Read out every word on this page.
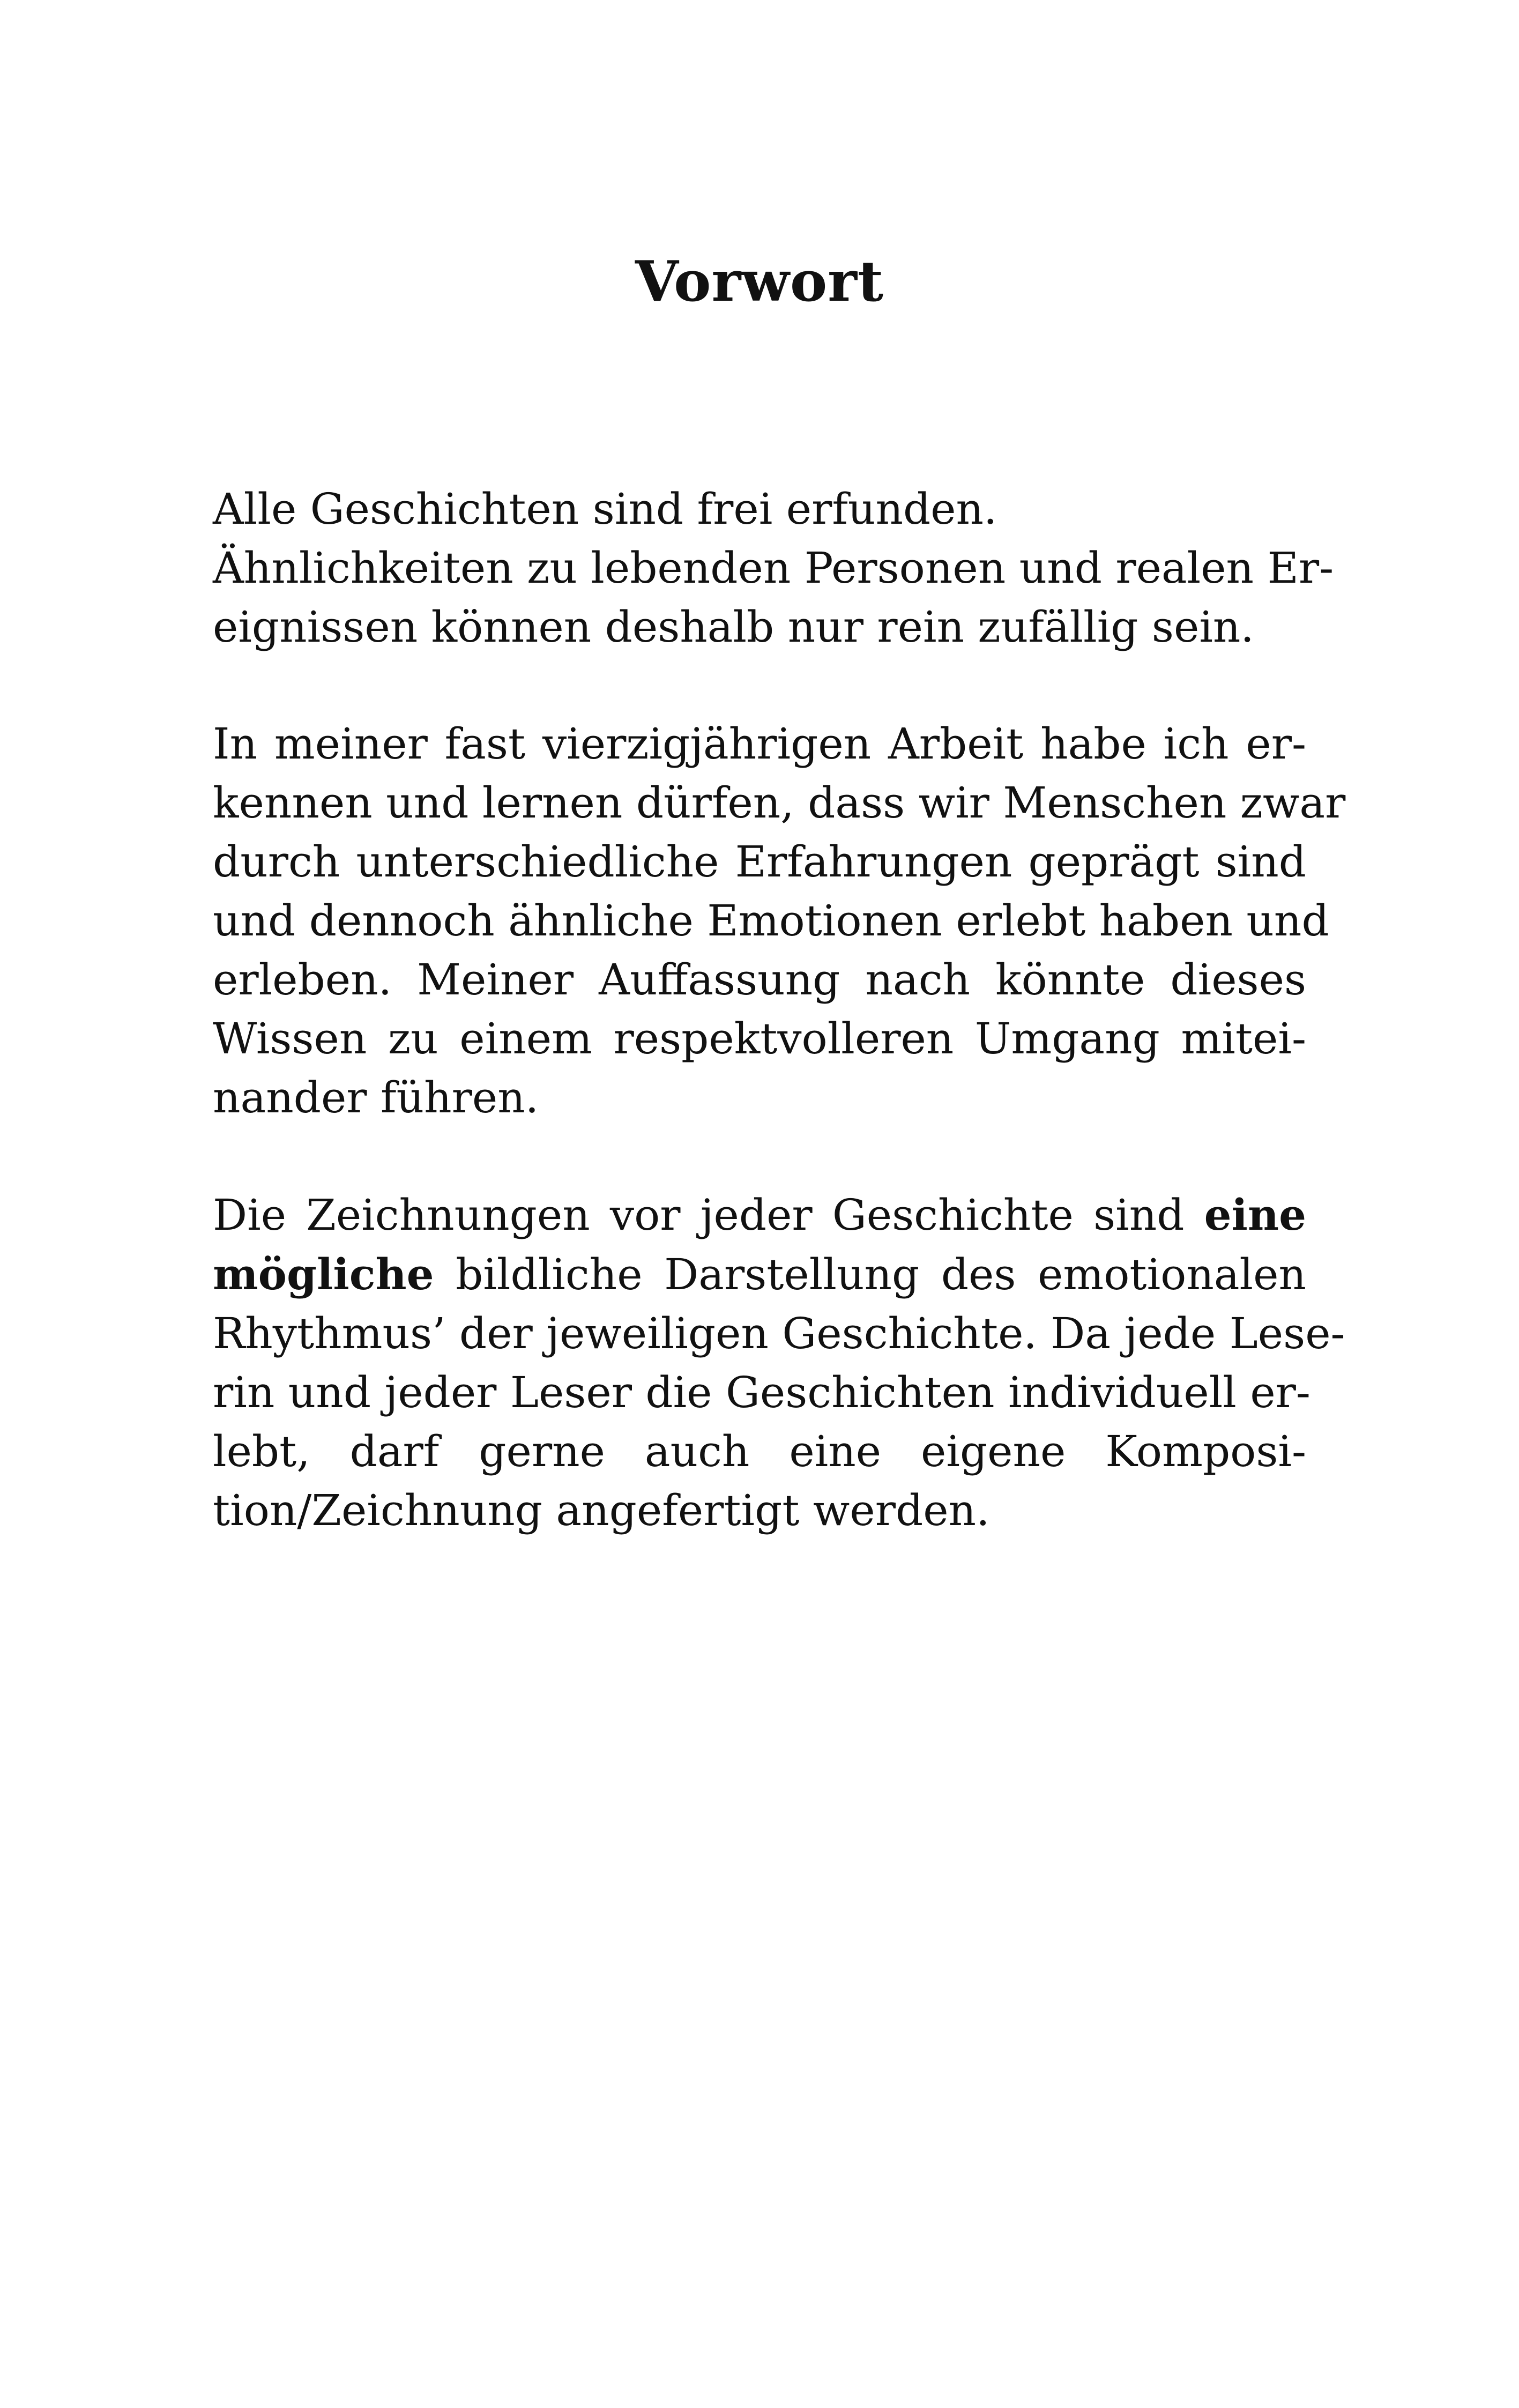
Vorwort

Alle Geschichten sind frei erfunden.
Ähnlichkeiten zu lebenden Personen und realen Er-
eignissen können deshalb nur rein zufällig sein.

In meiner fast vierzigjährigen Arbeit habe ich er-
kennen und lernen dürfen, dass wir Menschen zwar
durch unterschiedliche Erfahrungen geprägt sind
und dennoch ähnliche Emotionen erlebt haben und
erleben. Meiner Auffassung nach könnte dieses
Wissen zu einem respektvolleren Umgang mitei-
nander führen.

Die Zeichnungen vor jeder Geschichte sind eine
mögliche bildliche Darstellung des emotionalen
Rhythmus’ der jeweiligen Geschichte. Da jede Lese-
rin und jeder Leser die Geschichten individuell er-
lebt, darf gerne auch eine eigene Komposi-
tion/Zeichnung angefertigt werden.
